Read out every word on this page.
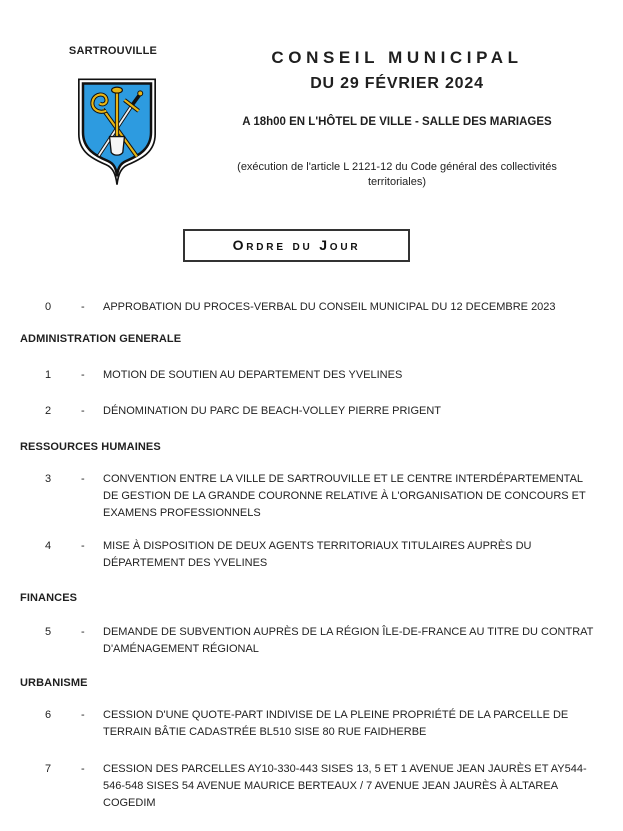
SARTROUVILLE	CONSEIL MUNICIPAL
DU 29 FÉVRIER 2024
A 18h00 EN L'HÔTEL DE VILLE - SALLE DES MARIAGES
(exécution de l'article L 2121-12 du Code général des collectivités territoriales)
Ordre du Jour
0	-	APPROBATION DU PROCES-VERBAL DU CONSEIL MUNICIPAL DU 12 DECEMBRE 2023
ADMINISTRATION GENERALE
1	-	MOTION DE SOUTIEN AU DEPARTEMENT DES YVELINES
2	-	DÉNOMINATION DU PARC DE BEACH-VOLLEY PIERRE PRIGENT
RESSOURCES HUMAINES
3	-	CONVENTION ENTRE LA VILLE DE SARTROUVILLE ET LE CENTRE INTERDÉPARTEMENTAL DE GESTION DE LA GRANDE COURONNE RELATIVE À L'ORGANISATION DE CONCOURS ET EXAMENS PROFESSIONNELS
4	-	MISE À DISPOSITION DE DEUX AGENTS TERRITORIAUX TITULAIRES AUPRÈS DU DÉPARTEMENT DES YVELINES
FINANCES
5	-	DEMANDE DE SUBVENTION AUPRÈS DE LA RÉGION ÎLE-DE-FRANCE AU TITRE DU CONTRAT D'AMÉNAGEMENT RÉGIONAL
URBANISME
6	-	CESSION D'UNE QUOTE-PART INDIVISE DE LA PLEINE PROPRIÉTÉ DE LA PARCELLE DE TERRAIN BÂTIE CADASTRÉE BL510 SISE 80 RUE FAIDHERBE
7	-	CESSION DES PARCELLES AY10-330-443 SISES 13, 5 ET 1 AVENUE JEAN JAURÈS ET AY544-546-548 SISES 54 AVENUE MAURICE BERTEAUX / 7 AVENUE JEAN JAURÈS À ALTAREA COGEDIM
